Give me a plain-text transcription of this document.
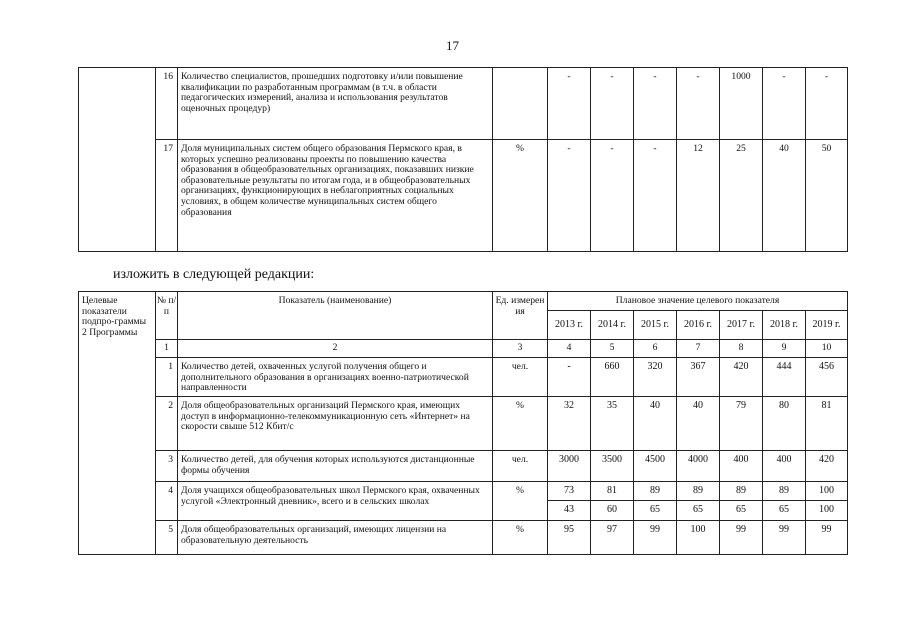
17
	16	Количество специалистов, прошедших подготовку и/или повышение квалификации по разработанным программам (в т.ч. в области педагогических измерений, анализа и использования результатов оценочных процедур)		-	-	-	-	1000	-	-
	17	Доля муниципальных систем общего образования Пермского края, в которых успешно реализованы проекты по повышению качества образования в общеобразовательных организациях, показавших низкие образовательные результаты по итогам года, и в общеобразовательных организациях, функционирующих в неблагоприятных социальных условиях, в общем количестве муниципальных систем общего образования	%	-	-	-	12	25	40	50
изложить в следующей редакции:
Целевые показатели подпро-граммы 2 Программы	№ п/п	Показатель (наименование)	Ед. измерен ия	Плановое значение целевого показателя						
				2013 г.	2014 г.	2015 г.	2016 г.	2017 г.	2018 г.	2019 г.
	1	2	3	4	5	6	7	8	9	10
	1	Количество детей, охваченных услугой получения общего и дополнительного образования в организациях военно-патриотической направленности	чел.	-	660	320	367	420	444	456
	2	Доля общеобразовательных организаций Пермского края, имеющих доступ в информационно-телекоммуникационную сеть «Интернет» на скорости свыше 512 Кбит/с	%	32	35	40	40	79	80	81
	3	Количество детей, для обучения которых используются дистанционные формы обучения	чел.	3000	3500	4500	4000	400	400	420
	4	Доля учащихся общеобразовательных школ Пермского края, охваченных услугой «Электронный дневник», всего и в сельских школах	%	73	81	89	89	89	89	100
				43	60	65	65	65	65	100
	5	Доля общеобразовательных организаций, имеющих лицензии на образовательную деятельность	%	95	97	99	100	99	99	99
